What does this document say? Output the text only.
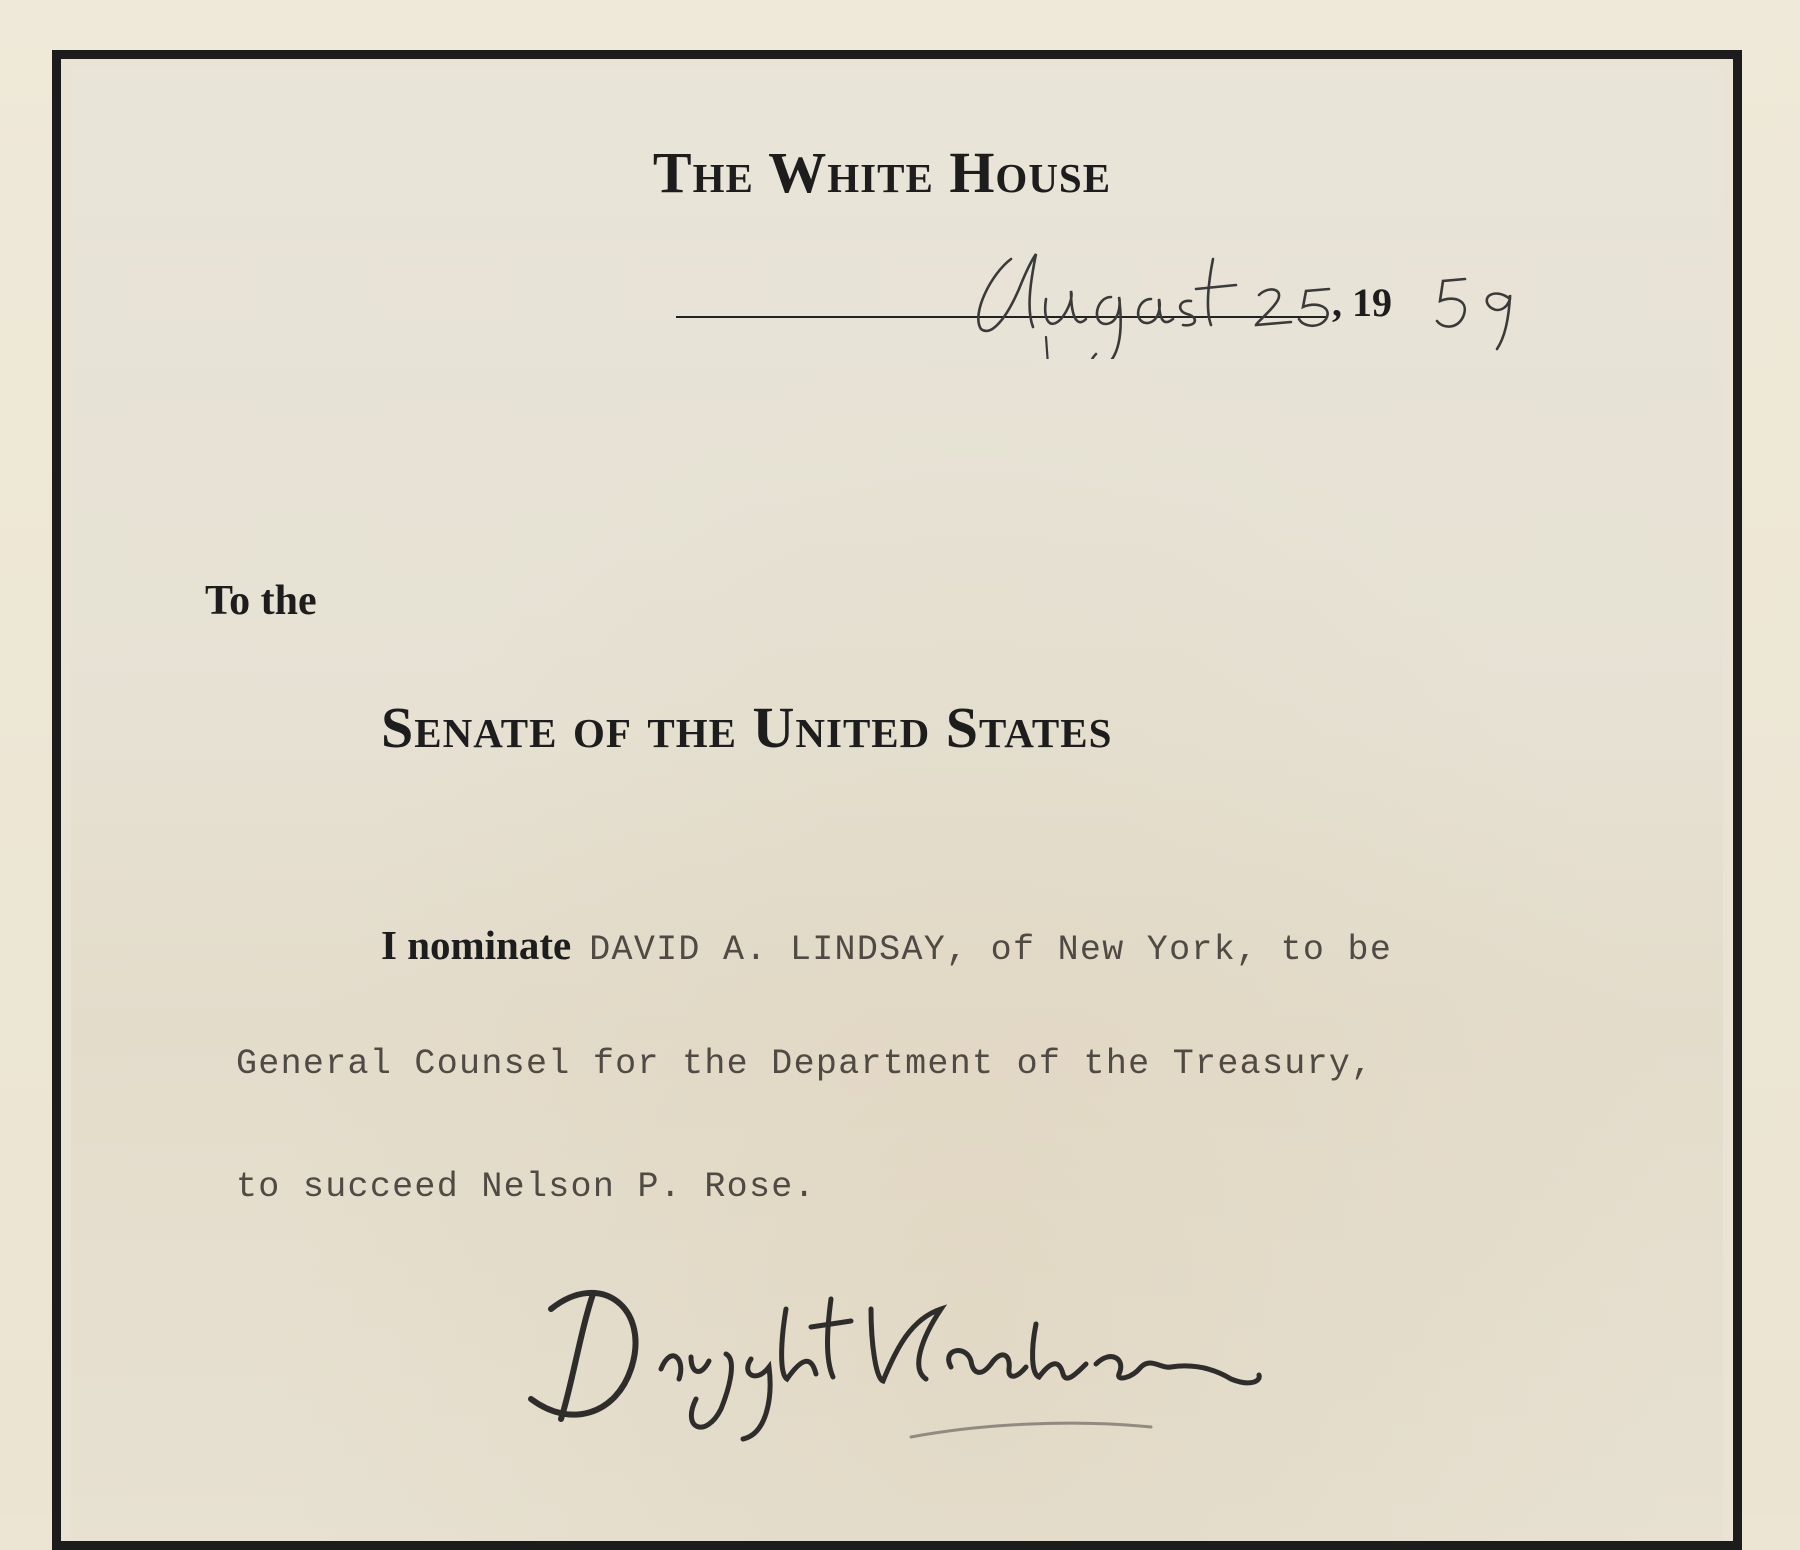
The White House
, 19
To the
Senate of the United States
I nominate DAVID A. LINDSAY, of New York, to be
General Counsel for the Department of the Treasury,
to succeed Nelson P. Rose.
